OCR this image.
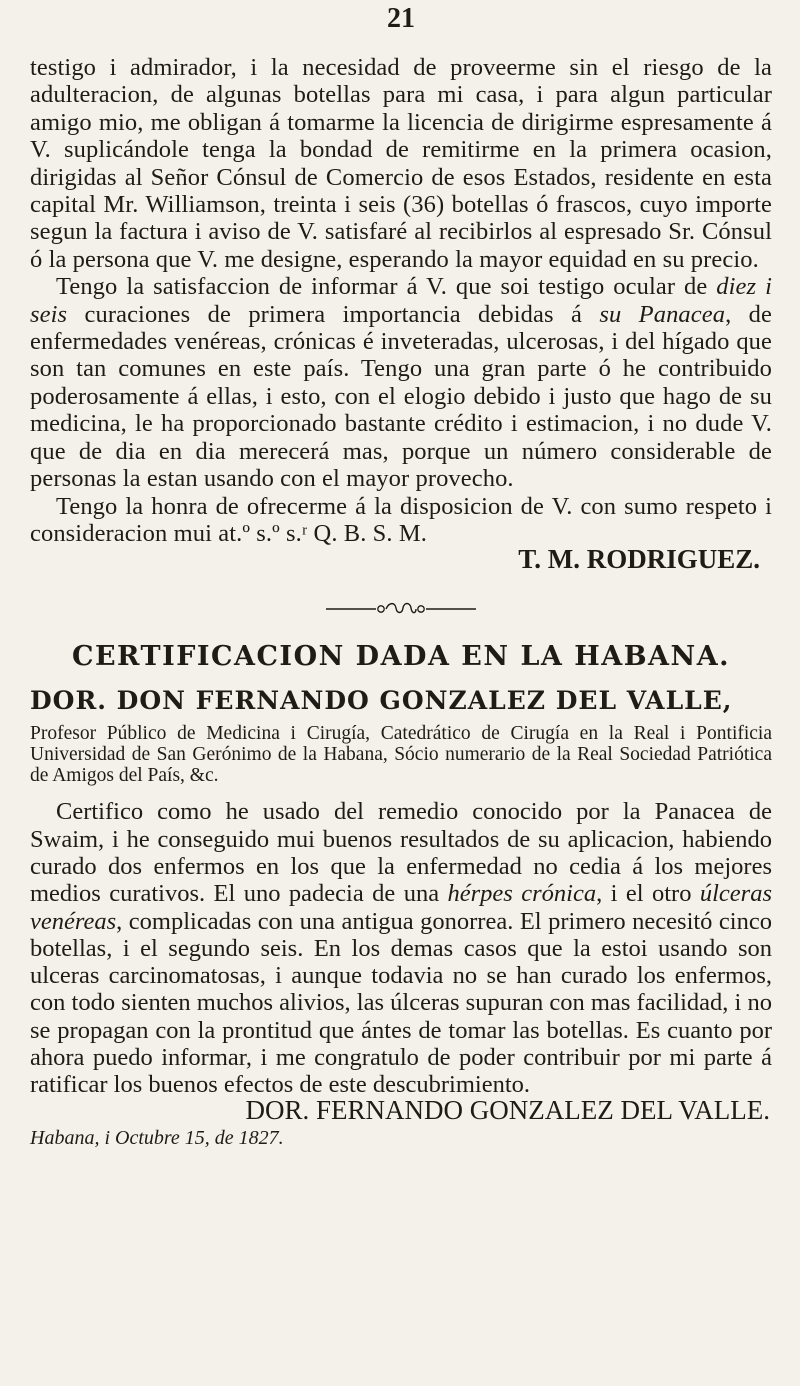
21

testigo i admirador, i la necesidad de proveerme sin el riesgo de la adulteracion, de algunas botellas para mi casa, i para algun particular amigo mio, me obligan á tomarme la licencia de dirigirme espresamente á V. suplicándole tenga la bondad de remitirme en la primera ocasion, dirigidas al Señor Cónsul de Comercio de esos Estados, residente en esta capital Mr. Williamson, treinta i seis (36) botellas ó frascos, cuyo importe segun la factura i aviso de V. satisfaré al recibirlos al espresado Sr. Cónsul ó la persona que V. me designe, esperando la mayor equidad en su precio.

Tengo la satisfaccion de informar á V. que soi testigo ocular de diez i seis curaciones de primera importancia debidas á su Panacea, de enfermedades venéreas, crónicas é inveteradas, ulcerosas, i del hígado que son tan comunes en este país. Tengo una gran parte ó he contribuido poderosamente á ellas, i esto, con el elogio debido i justo que hago de su medicina, le ha proporcionado bastante crédito i estimacion, i no dude V. que de dia en dia merecerá mas, porque un número considerable de personas la estan usando con el mayor provecho.

Tengo la honra de ofrecerme á la disposicion de V. con sumo respeto i consideracion mui at.º s.º s.ʳ Q. B. S. M.

T. M. RODRIGUEZ.
CERTIFICACION DADA EN LA HABANA.
DOR. DON FERNANDO GONZALEZ DEL VALLE,
Profesor Público de Medicina i Cirugía, Catedrático de Cirugía en la Real i Pontificia Universidad de San Gerónimo de la Habana, Sócio numerario de la Real Sociedad Patriótica de Amigos del País, &c.

Certifico como he usado del remedio conocido por la Panacea de Swaim, i he conseguido mui buenos resultados de su aplicacion, habiendo curado dos enfermos en los que la enfermedad no cedia á los mejores medios curativos. El uno padecia de una hérpes crónica, i el otro úlceras venéreas, complicadas con una antigua gonorrea. El primero necesitó cinco botellas, i el segundo seis. En los demas casos que la estoi usando son ulceras carcinomatosas, i aunque todavia no se han curado los enfermos, con todo sienten muchos alivios, las úlceras supuran con mas facilidad, i no se propagan con la prontitud que ántes de tomar las botellas. Es cuanto por ahora puedo informar, i me congratulo de poder contribuir por mi parte á ratificar los buenos efectos de este descubrimiento.

DOR. FERNANDO GONZALEZ DEL VALLE.
Habana, i Octubre 15, de 1827.
